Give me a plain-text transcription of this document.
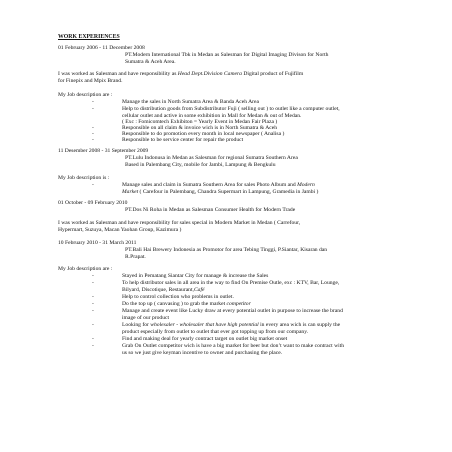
WORK EXPERIENCES
01 February 2006 - 11 December 2008
PT.Modern International Tbk in Medan as Salesman for Digital Imaging Divison for North
Sumatra & Aceh Area.
I was worked as Salesman and have responsibility as Head Dept.Division Camera Digital product of Fujifilm
for Finepix and Mpix Brand.
My Job description are :
-	Manage the sales in North Sumatra Area & Banda Aceh Area
-	Help to distribution goods from Subdistributor Fuji ( selling out ) to outlet like a computer outlet,
cellular outlet and active in some exhibition in Mall for Medan & out of Medan.
( Exc : Fomicomtech Exhibiton = Yearly Event in Medan Fair Plaza )
-	Responsible on all claim & invoice wich is in North Sumatra & Aceh
-	Responsible to do promotion every month in local newspaper ( Analisa )
-	Responsible to be service center for repair the product
11 Desember 2008 - 31 September 2009
PT.Lulu Indonusa in Medan as Salesman for regional Sumatra Southern Area
Based in Palembang City, mobile for Jambi, Lampung & Bengkulu
My Job description is :
-	Manage sales and claim in Sumatra Southern Area for sales Photo Album and Modern
Market ( Carefour in Palembang, Chandra Supermart in Lampung, Gramedia in Jambi )
01 October - 09 February 2010
PT.Dos Ni Roha in Medan as Salesman Consumer Health for Modern Trade
I was worked as Salesman and have responsibility for sales special in Modern Market in Medan ( Carrefour,
Hypermart, Suzuya, Macan Yaohan Group, Kazimura )
10 February 2010 - 31 March 2011
PT.Bali Hai Brewery Indonesia as Promotor for area Tebing Tinggi, P.Siantar, Kisaran dan
R.Prapat.
My Job description are :
-	Stayed in Pematang Siantar City for manage & increase the Sales
-	To help distributor sales in all area in the way to find On Premise Outle, exc : KTV, Bar, Lounge,
Bilyard, Discotique, Restaurant,Café
-	Help to control collection who problems in outlet.
-	Do the top up ( canvasing ) to grab the market competitor
-	Manage and create event like Lucky draw at every potential outlet in purpose to increase the brand
image of our product
-	Looking for wholesaler - wholesaler that have high potential in every area wich is can supply the
product especially from outlet to outlet that ever got topping up from our company.
-	Find and making deal for yearly contract target on outlet big market onset
-	Grab On Outlet competitor wich is have a big market for beer but don’t want to make contract with
us so we just give keyman incentive to owner and purchasing the place.
